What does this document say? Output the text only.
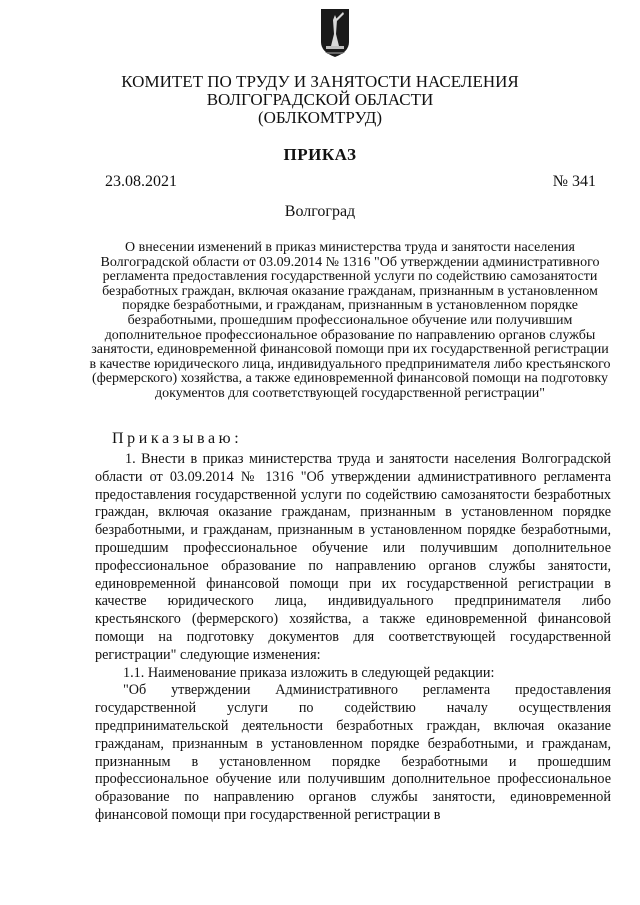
КОМИТЕТ ПО ТРУДУ И ЗАНЯТОСТИ НАСЕЛЕНИЯ
ВОЛГОГРАДСКОЙ ОБЛАСТИ
(ОБЛКОМТРУД)
ПРИКАЗ
23.08.2021	№ 341
Волгоград
О внесении изменений в приказ министерства труда и занятости населения Волгоградской области от 03.09.2014 № 1316 "Об утверждении административного регламента предоставления государственной услуги по содействию самозанятости безработных граждан, включая оказание гражданам, признанным в установленном порядке безработными, и гражданам, признанным в установленном порядке безработными, прошедшим профессиональное обучение или получившим дополнительное профессиональное образование по направлению органов службы занятости, единовременной финансовой помощи при их государственной регистрации в качестве юридического лица, индивидуального предпринимателя либо крестьянского (фермерского) хозяйства, а также единовременной финансовой помощи на подготовку документов для соответствующей государственной регистрации"
Приказываю:

1. Внести в приказ министерства труда и занятости населения Волгоградской области от 03.09.2014 № 1316 "Об утверждении административного регламента предоставления государственной услуги по содействию самозанятости безработных граждан, включая оказание гражданам, признанным в установленном порядке безработными, и гражданам, признанным в установленном порядке безработными, прошедшим профессиональное обучение или получившим дополнительное профессиональное образование по направлению органов службы занятости, единовременной финансовой помощи при их государственной регистрации в качестве юридического лица, индивидуального предпринимателя либо крестьянского (фермерского) хозяйства, а также единовременной финансовой помощи на подготовку документов для соответствующей государственной регистрации" следующие изменения:

1.1. Наименование приказа изложить в следующей редакции:

"Об утверждении Административного регламента предоставления государственной услуги по содействию началу осуществления предпринимательской деятельности безработных граждан, включая оказание гражданам, признанным в установленном порядке безработными, и гражданам, признанным в установленном порядке безработными и прошедшим профессиональное обучение или получившим дополнительное профессиональное образование по направлению органов службы занятости, единовременной финансовой помощи при государственной регистрации в
